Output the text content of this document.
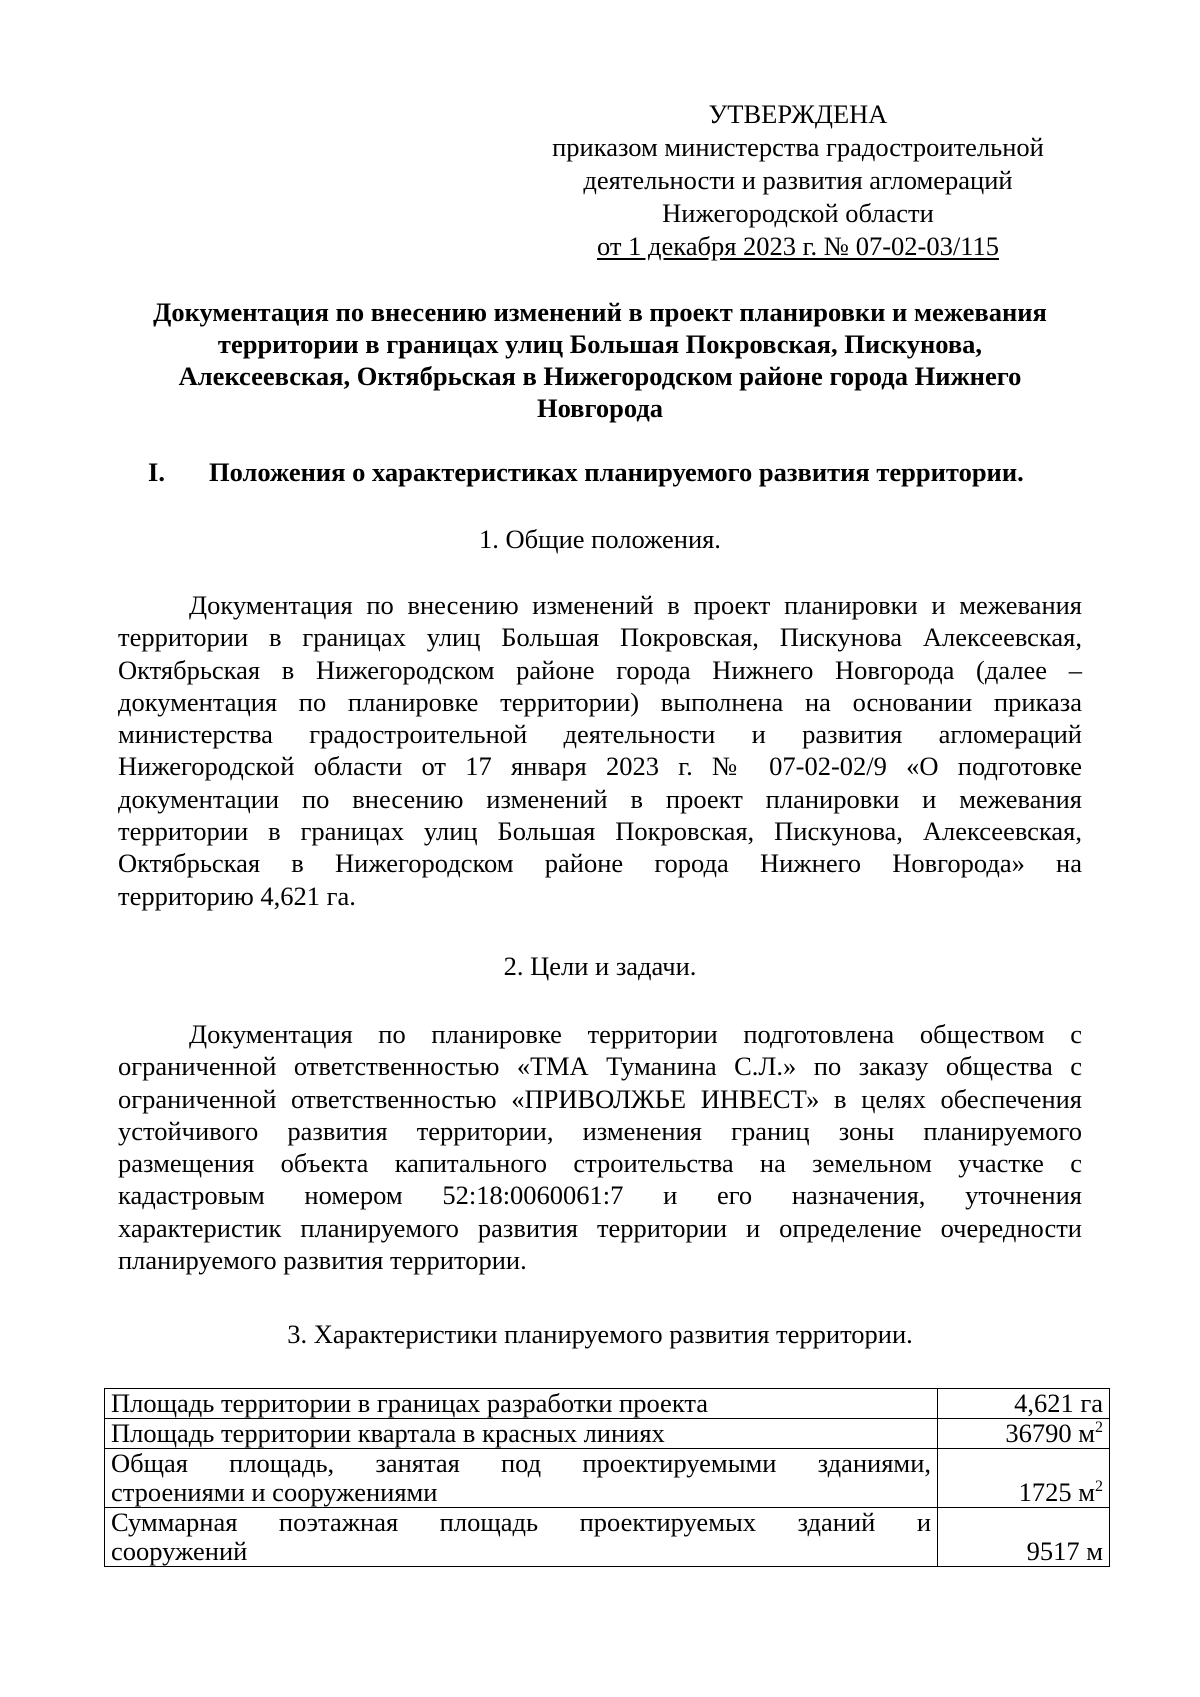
УТВЕРЖДЕНА
приказом министерства градостроительной
деятельности и развития агломераций
Нижегородской области
от 1 декабря 2023 г. № 07-02-03/115
Документация по внесению изменений в проект планировки и межевания
территории в границах улиц Большая Покровская, Пискунова,
Алексеевская, Октябрьская в Нижегородском районе города Нижнего
Новгорода
I. Положения о характеристиках планируемого развития территории.
1. Общие положения.
Документация по внесению изменений в проект планировки и межевания
территории в границах улиц Большая Покровская, Пискунова Алексеевская,
Октябрьская в Нижегородском районе города Нижнего Новгорода (далее –
документация по планировке территории) выполнена на основании приказа
министерства градостроительной деятельности и развития агломераций
Нижегородской области от 17 января 2023 г. № 07-02-02/9 «О подготовке
документации по внесению изменений в проект планировки и межевания
территории в границах улиц Большая Покровская, Пискунова, Алексеевская,
Октябрьская в Нижегородском районе города Нижнего Новгорода» на
территорию 4,621 га.
2. Цели и задачи.
Документация по планировке территории подготовлена обществом с
ограниченной ответственностью «ТМА Туманина С.Л.» по заказу общества с
ограниченной ответственностью «ПРИВОЛЖЬЕ ИНВЕСТ» в целях обеспечения
устойчивого развития территории, изменения границ зоны планируемого
размещения объекта капитального строительства на земельном участке с
кадастровым номером 52:18:0060061:7 и его назначения, уточнения
характеристик планируемого развития территории и определение очередности
планируемого развития территории.
3. Характеристики планируемого развития территории.
Площадь территории в границах разработки проекта	4,621 га

Площадь территории квартала в красных линиях	36790 $м^2$

Общая площадь, занятая под проектируемыми зданиями,
строениями и сооружениями	1725 $м^2$

Суммарная поэтажная площадь проектируемых зданий и
сооружений	9517 м
